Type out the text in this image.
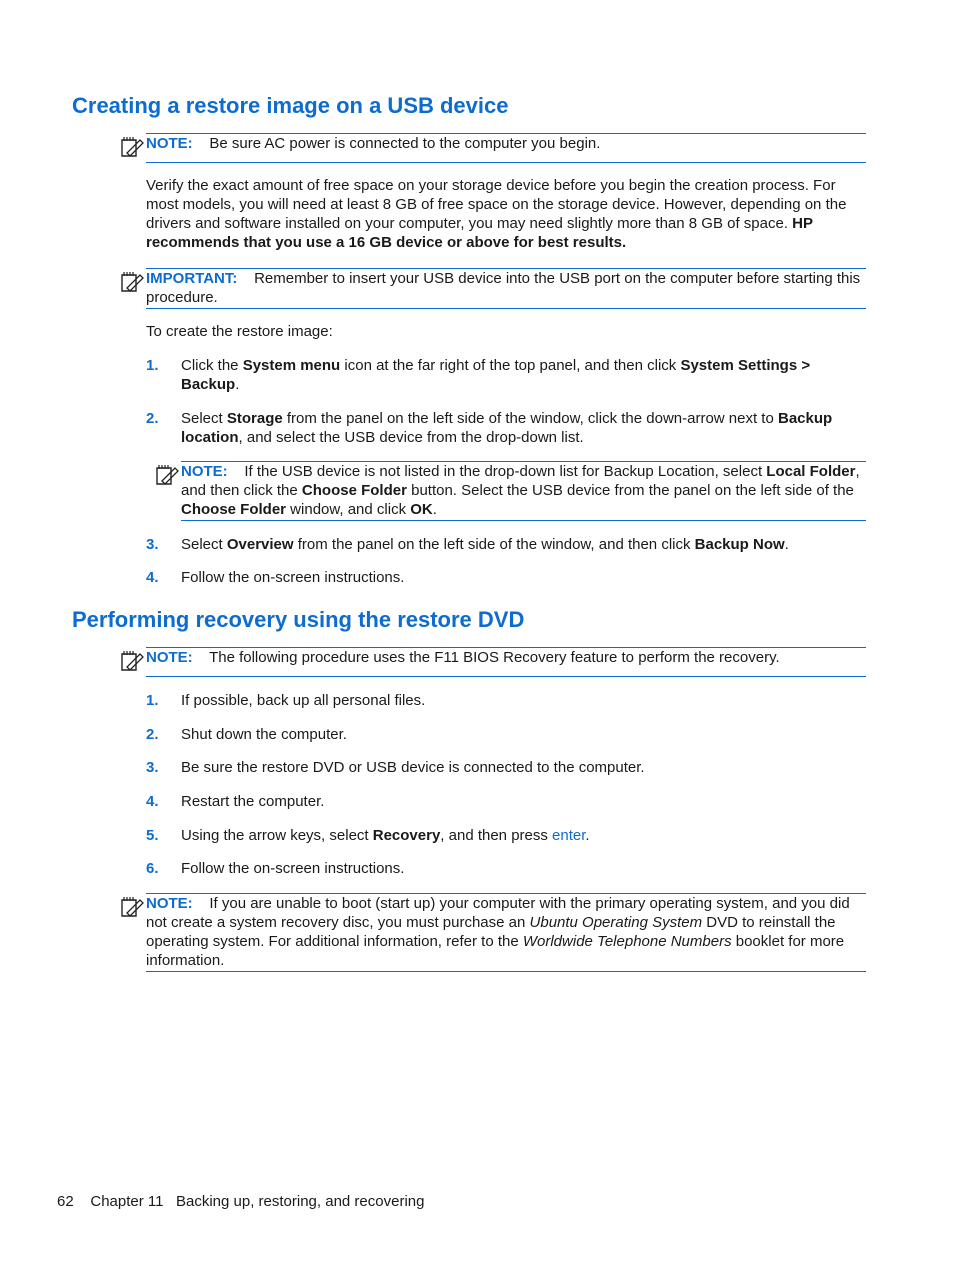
Creating a restore image on a USB device
NOTE: Be sure AC power is connected to the computer you begin.
Verify the exact amount of free space on your storage device before you begin the creation process. For most models, you will need at least 8 GB of free space on the storage device. However, depending on the drivers and software installed on your computer, you may need slightly more than 8 GB of space. HP recommends that you use a 16 GB device or above for best results.
IMPORTANT: Remember to insert your USB device into the USB port on the computer before starting this procedure.
To create the restore image:
1. Click the System menu icon at the far right of the top panel, and then click System Settings > Backup.
2. Select Storage from the panel on the left side of the window, click the down-arrow next to Backup location, and select the USB device from the drop-down list.
NOTE: If the USB device is not listed in the drop-down list for Backup Location, select Local Folder, and then click the Choose Folder button. Select the USB device from the panel on the left side of the Choose Folder window, and click OK.
3. Select Overview from the panel on the left side of the window, and then click Backup Now.
4. Follow the on-screen instructions.
Performing recovery using the restore DVD
NOTE: The following procedure uses the F11 BIOS Recovery feature to perform the recovery.
1. If possible, back up all personal files.
2. Shut down the computer.
3. Be sure the restore DVD or USB device is connected to the computer.
4. Restart the computer.
5. Using the arrow keys, select Recovery, and then press enter.
6. Follow the on-screen instructions.
NOTE: If you are unable to boot (start up) your computer with the primary operating system, and you did not create a system recovery disc, you must purchase an Ubuntu Operating System DVD to reinstall the operating system. For additional information, refer to the Worldwide Telephone Numbers booklet for more information.
62 Chapter 11 Backing up, restoring, and recovering
